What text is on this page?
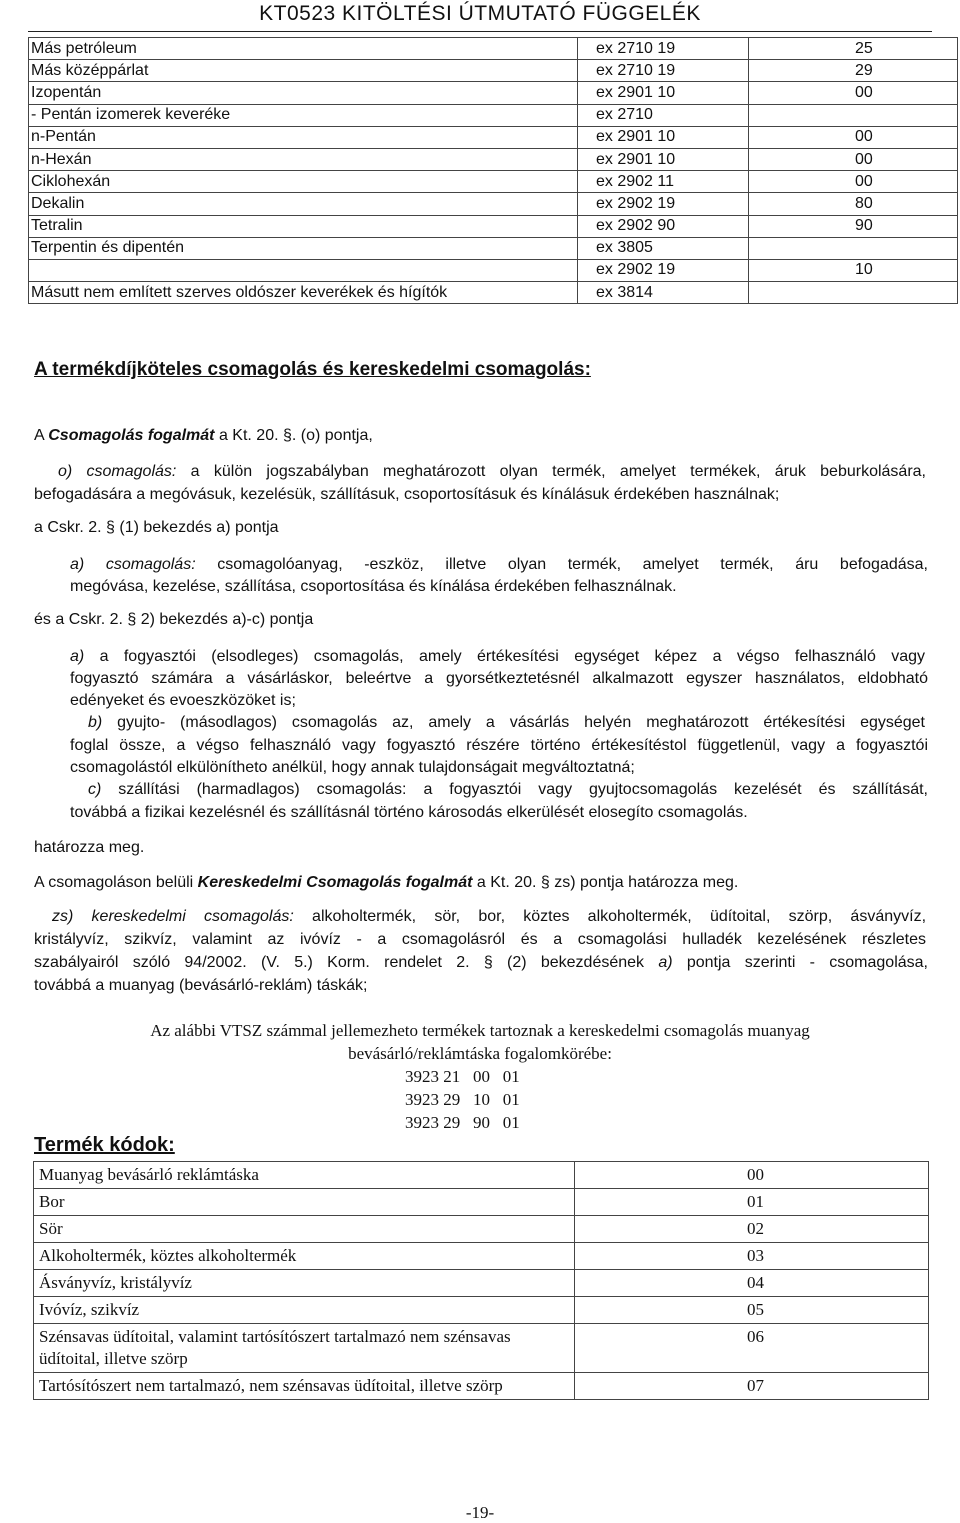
KT0523 KITÖLTÉSI ÚTMUTATÓ FÜGGELÉK
Más petróleum	ex 2710 19	25
Más középpárlat	ex 2710 19	29
Izopentán	ex 2901 10	00
- Pentán izomerek keveréke	ex 2710	
n-Pentán	ex 2901 10	00
n-Hexán	ex 2901 10	00
Ciklohexán	ex 2902 11	00
Dekalin	ex 2902 19	80
Tetralin	ex 2902 90	90
Terpentin és dipentén	ex 3805	
	ex 2902 19	10
Másutt nem említett szerves oldószer keverékek és hígítók	ex 3814	
A termékdíjköteles csomagolás és kereskedelmi csomagolás:
A Csomagolás fogalmát a Kt. 20. §. (o) pontja,
o) csomagolás: a külön jogszabályban meghatározott olyan termék, amelyet termékek, áruk beburkolására,
befogadására a megóvásuk, kezelésük, szállításuk, csoportosításuk és kínálásuk érdekében használnak;
a Cskr. 2. § (1) bekezdés a) pontja
a) csomagolás: csomagolóanyag, -eszköz, illetve olyan termék, amelyet termék, áru befogadása,
megóvása, kezelése, szállítása, csoportosítása és kínálása érdekében felhasználnak.
és a Cskr. 2. § 2) bekezdés a)-c) pontja
a) a fogyasztói (elsodleges) csomagolás, amely értékesítési egységet képez a végso felhasználó vagy
fogyasztó számára a vásárláskor, beleértve a gyorsétkeztetésnél alkalmazott egyszer használatos, eldobható
edényeket és evoeszközöket is;
b) gyujto- (másodlagos) csomagolás az, amely a vásárlás helyén meghatározott értékesítési egységet
foglal össze, a végso felhasználó vagy fogyasztó részére történo értékesítéstol függetlenül, vagy a fogyasztói
csomagolástól elkülönítheto anélkül, hogy annak tulajdonságait megváltoztatná;
c) szállítási (harmadlagos) csomagolás: a fogyasztói vagy gyujtocsomagolás kezelését és szállítását,
továbbá a fizikai kezelésnél és szállításnál történo károsodás elkerülését elosegíto csomagolás.
határozza meg.
A csomagoláson belüli Kereskedelmi Csomagolás fogalmát a Kt. 20. § zs) pontja határozza meg.
zs) kereskedelmi csomagolás: alkoholtermék, sör, bor, köztes alkoholtermék, üdítoital, szörp, ásványvíz,
kristályvíz, szikvíz, valamint az ivóvíz - a csomagolásról és a csomagolási hulladék kezelésének részletes
szabályairól szóló 94/2002. (V. 5.) Korm. rendelet 2. § (2) bekezdésének a) pontja szerinti - csomagolása,
továbbá a muanyag (bevásárló-reklám) táskák;
Az alábbi VTSZ számmal jellemezheto termékek tartoznak a kereskedelmi csomagolás muanyag
bevásárló/reklámtáska fogalomkörébe:
3923 21   00   01
3923 29   10   01
3923 29   90   01
Termék kódok:
Muanyag bevásárló reklámtáska	00
Bor	01
Sör	02
Alkoholtermék, köztes alkoholtermék	03
Ásványvíz, kristályvíz	04
Ivóvíz, szikvíz	05
Szénsavas üdítoital, valamint tartósítószert tartalmazó nem szénsavas üdítoital, illetve szörp	06
Tartósítószert nem tartalmazó, nem szénsavas üdítoital, illetve szörp	07
-19-
